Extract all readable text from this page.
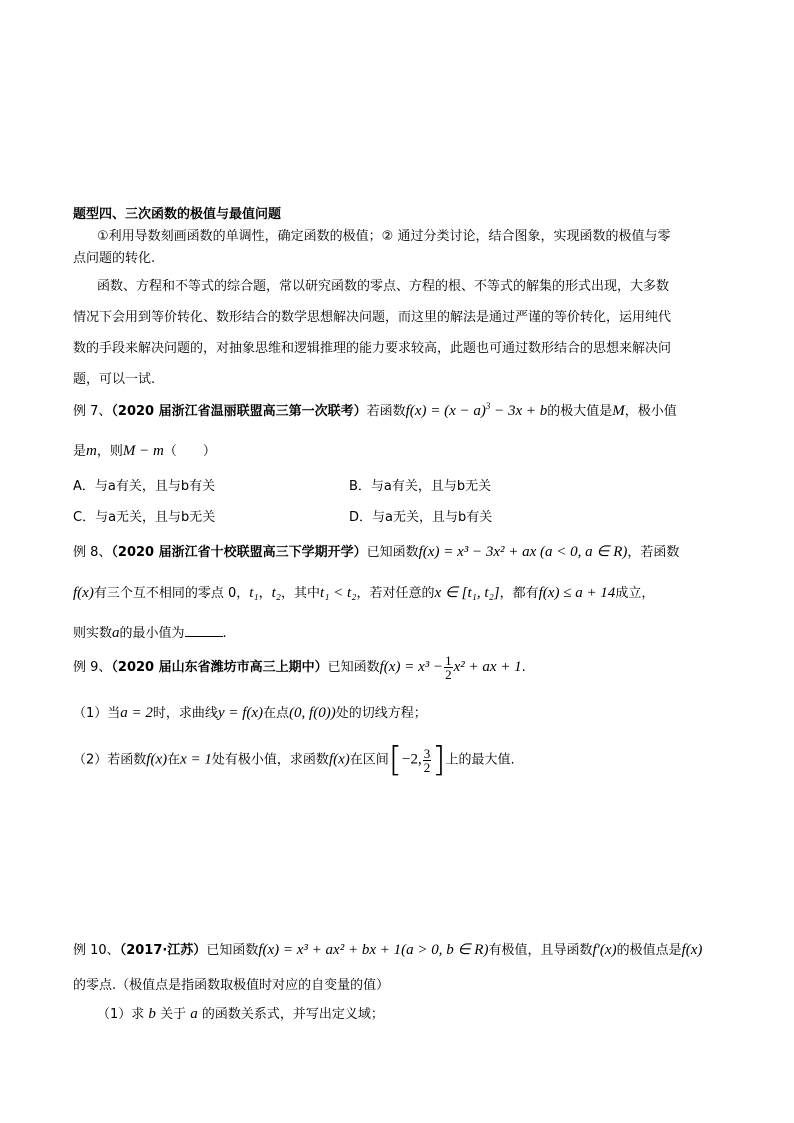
题型四、三次函数的极值与最值问题
①利用导数刻画函数的单调性，确定函数的极值；② 通过分类讨论，结合图象，实现函数的极值与零
点问题的转化.
函数、方程和不等式的综合题，常以研究函数的零点、方程的根、不等式的解集的形式出现，大多数
情况下会用到等价转化、数形结合的数学思想解决问题，而这里的解法是通过严谨的等价转化，运用纯代
数的手段来解决问题的，对抽象思维和逻辑推理的能力要求较高，此题也可通过数形结合的思想来解决问
题，可以一试.
例 7、（2020 届浙江省温丽联盟高三第一次联考）若函数$f(x) = (x - a)^3 - 3x + b$的极大值是M，极小值
是m，则M − m（　　）
A．与a有关，且与b有关	B．与a有关，且与b无关
C．与a无关，且与b无关	D．与a无关，且与b有关
例 8、（2020 届浙江省十校联盟高三下学期开学）已知函数f(x) = x³ − 3x² + ax (a < 0, a ∈ R)，若函数
f(x)有三个互不相同的零点 0，t₁，t₂，其中t₁ < t₂，若对任意的x ∈ [t₁, t₂]，都有f(x) ≤ a + 14成立，
则实数a的最小值为	.
例 9、（2020 届山东省潍坊市高三上期中）已知函数$f(x) = x^3 - \frac{1}{2} x^2$ + ax + 1.
（1）当a = 2时，求曲线y = f(x)在点(0, f(0))处的切线方程；
（2）若函数f(x)在x = 1处有极小值，求函数f(x)在区间[−2, $\frac{3}{2}$ ]上的最大值.
例 10、（2017·江苏）已知函数f(x) = x³ + ax² + bx + 1(a > 0, b ∈ R)有极值，且导函数f′(x)的极值点是f(x)
的零点.（极值点是指函数取极值时对应的自变量的值）
（1）求 b 关于 a 的函数关系式，并写出定义域；
